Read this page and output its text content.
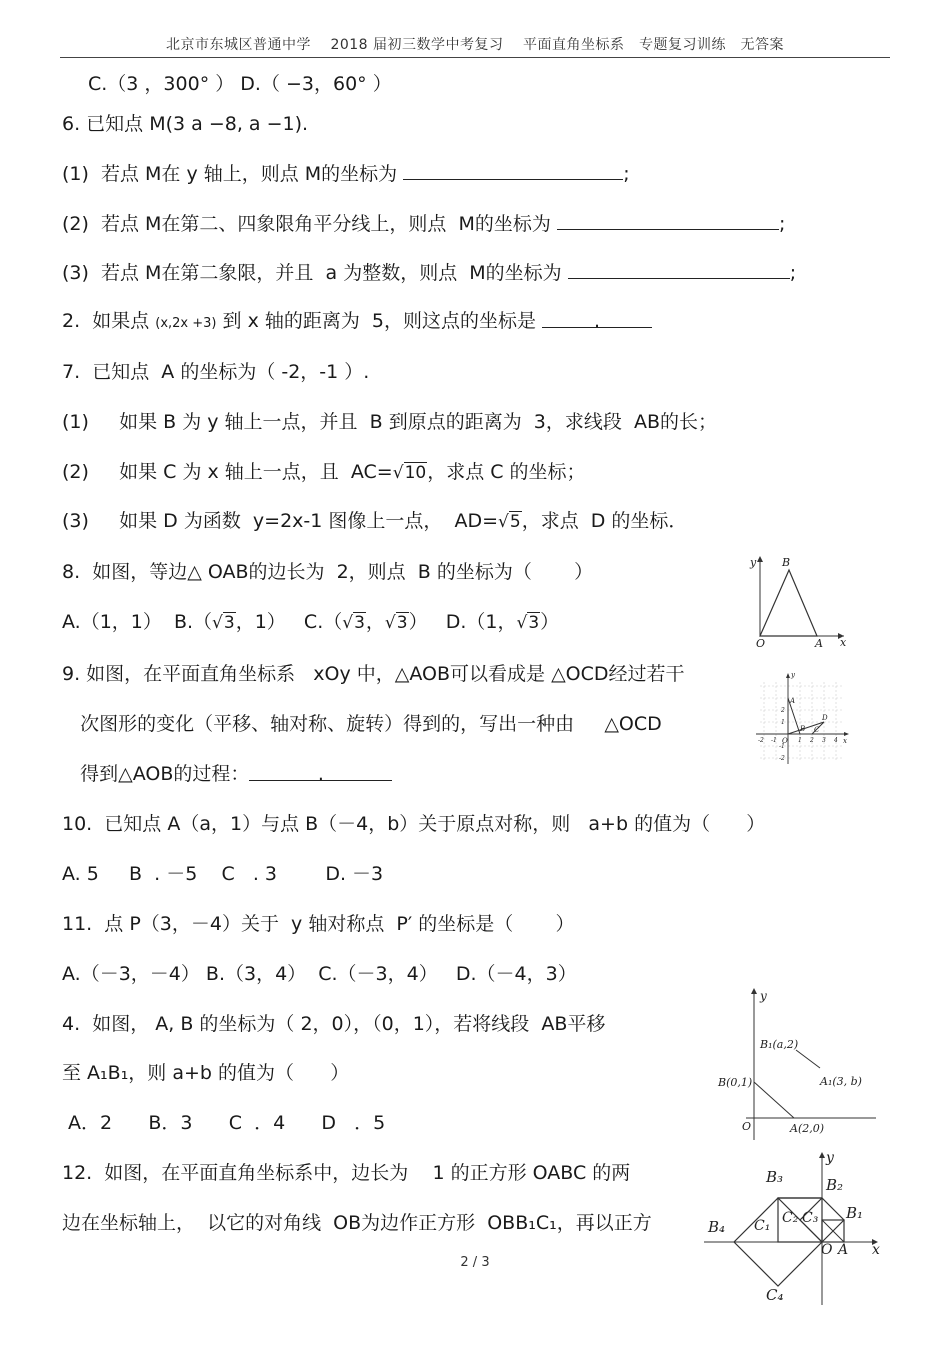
北京市东城区普通中学　 2018 届初三数学中考复习　 平面直角坐标系　专题复习训练　无答案
C.（3 ，300° ） D.（ −3，60° ）
6. 已知点 M(3 a −8, a −1).
(1)  若点 M在 y 轴上，则点 M的坐标为	;
(2)  若点 M在第二、四象限角平分线上，则点  M的坐标为	;
(3)  若点 M在第二象限，并且  a 为整数，则点  M的坐标为	;
2.  如果点 (x,2x +3) 到 x 轴的距离为  5，则这点的坐标是	.
7.  已知点  A 的坐标为（ -2，-1 ）.
(1)     如果 B 为 y 轴上一点，并且  B 到原点的距离为  3，求线段  AB的长；
(2)     如果 C 为 x 轴上一点，且  AC=√10，求点 C 的坐标；
(3)     如果 D 为函数  y=2x-1 图像上一点，  AD=√5，求点  D 的坐标．
8.  如图，等边△ OAB的边长为  2，则点  B 的坐标为（       ）
A.（1，1）  B.（√3，1）   C.（√3，√3）   D.（1，√3）
9. 如图，在平面直角坐标系   xOy 中，△AOB可以看成是 △OCD经过若干
次图形的变化（平移、轴对称、旋转）得到的，写出一种由     △OCD
得到△AOB的过程：	.
10.  已知点 A（a，1）与点 B（－4，b）关于原点对称，则   a+b 的值为（      ）
A. 5     B  . －5    C   . 3        D. －3
11.  点 P（3，－4）关于  y 轴对称点  P′ 的坐标是（       ）
A.（－3，－4） B.（3，4）  C.（－3，4）   D.（－4，3）
4.  如图， A, B 的坐标为（ 2，0），（0，1），若将线段  AB平移
至 A₁B₁，则 a+b 的值为（      ）
A．2      B．3      C  ．4      D   ．5
12.  如图，在平面直角坐标系中，边长为    1 的正方形 OABC 的两
边在坐标轴上，  以它的对角线  OB为边作正方形  OBB₁C₁，再以正方
y B
O	A x
y
A
B
D
O
C
x
-2 -1	1 2 3 4
2
1
-1
-2
y
B₁(a,2)
B(0,1)	A₁(3, b)
O	A(2,0)
y
B₃	B₂
B₁
C₂
C₁ C₃
B₄
O A
C₄
x
2 / 3
